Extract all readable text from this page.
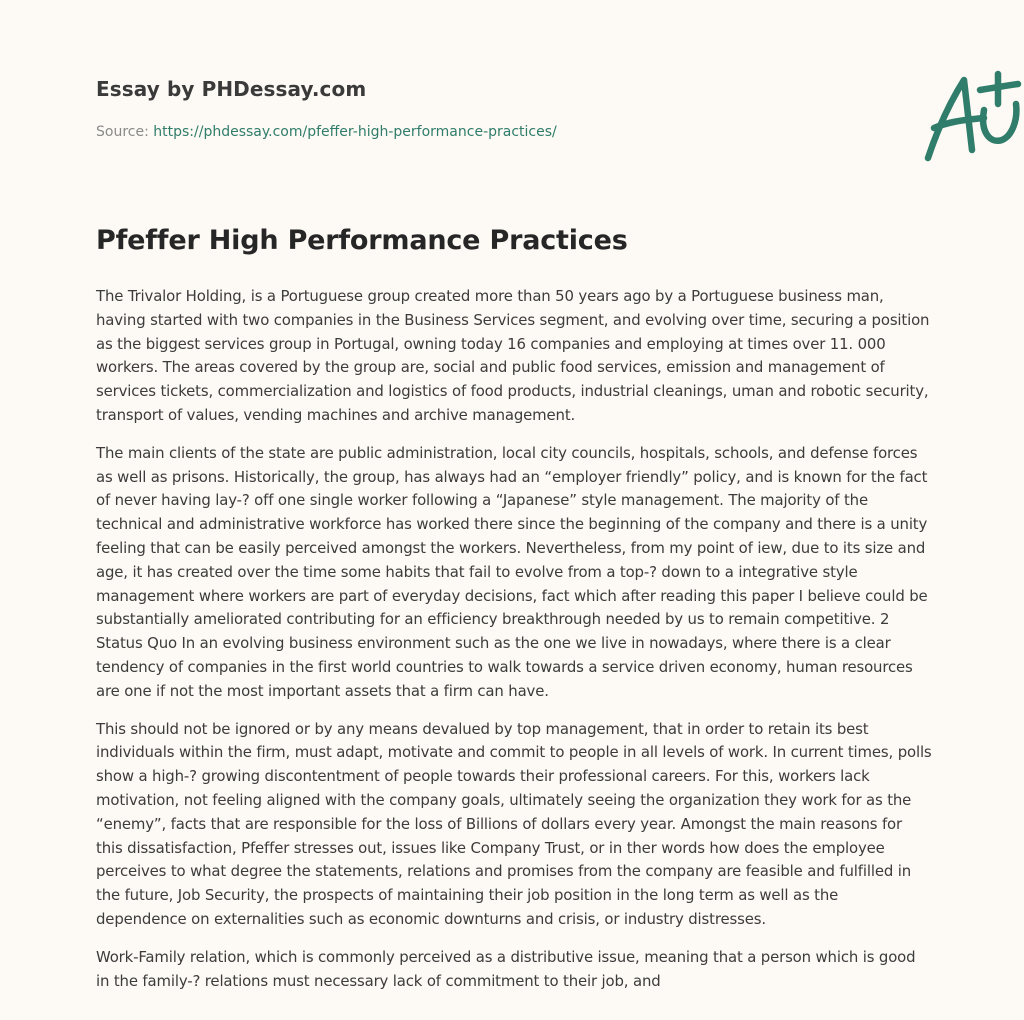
Essay by PHDessay.com
Source: https://phdessay.com/pfeffer-high-performance-practices/
Pfeffer High Performance Practices

The Trivalor Holding, is a Portuguese group created more than 50 years ago by a Portuguese business man, having started with two companies in the Business Services segment, and evolving over time, securing a position as the biggest services group in Portugal, owning today 16 companies and employing at times over 11. 000 workers. The areas covered by the group are, social and public food services, emission and management of services tickets, commercialization and logistics of food products, industrial cleanings, uman and robotic security, transport of values, vending machines and archive management.

The main clients of the state are public administration, local city councils, hospitals, schools, and defense forces as well as prisons. Historically, the group, has always had an “employer friendly” policy, and is known for the fact of never having lay-? off one single worker following a “Japanese” style management. The majority of the technical and administrative workforce has worked there since the beginning of the company and there is a unity feeling that can be easily perceived amongst the workers. Nevertheless, from my point of iew, due to its size and age, it has created over the time some habits that fail to evolve from a top-? down to a integrative style management where workers are part of everyday decisions, fact which after reading this paper I believe could be substantially ameliorated contributing for an efficiency breakthrough needed by us to remain competitive. 2 Status Quo In an evolving business environment such as the one we live in nowadays, where there is a clear tendency of companies in the first world countries to walk towards a service driven economy, human resources are one if not the most important assets that a firm can have.

This should not be ignored or by any means devalued by top management, that in order to retain its best individuals within the firm, must adapt, motivate and commit to people in all levels of work. In current times, polls show a high-? growing discontentment of people towards their professional careers. For this, workers lack motivation, not feeling aligned with the company goals, ultimately seeing the organization they work for as the “enemy”, facts that are responsible for the loss of Billions of dollars every year. Amongst the main reasons for this dissatisfaction, Pfeffer stresses out, issues like Company Trust, or in ther words how does the employee perceives to what degree the statements, relations and promises from the company are feasible and fulfilled in the future, Job Security, the prospects of maintaining their job position in the long term as well as the dependence on externalities such as economic downturns and crisis, or industry distresses.

Work-Family relation, which is commonly perceived as a distributive issue, meaning that a person which is good in the family-? relations must necessary lack of commitment to their job, and
